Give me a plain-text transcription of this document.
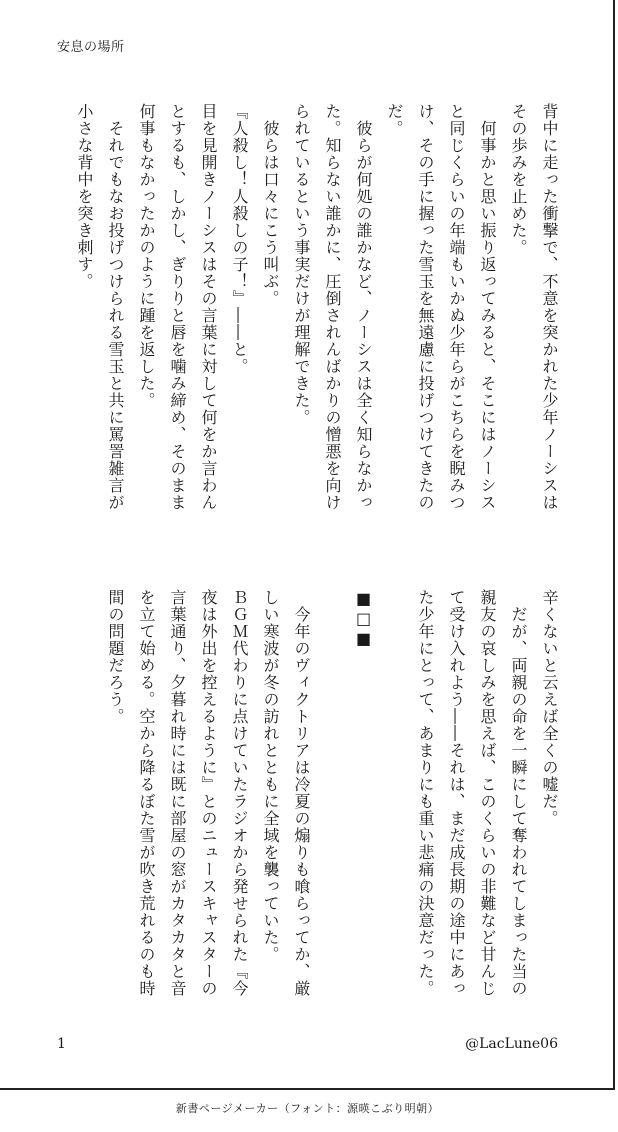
安息の場所

背中に走った衝撃で、不意を突かれた少年ノーシスはその歩みを止めた。

　何事かと思い振り返ってみると、そこにはノーシスと同じくらいの年端もいかぬ少年らがこちらを睨みつけ、その手に握った雪玉を無遠慮に投げつけてきたのだ。

　彼らが何処の誰かなど、ノーシスは全く知らなかった。知らない誰かに、圧倒されんばかりの憎悪を向けられているという事実だけが理解できた。

　彼らは口々にこう叫ぶ。

『人殺し！人殺しの子！』――と。

目を見開きノーシスはその言葉に対して何をか言わんとするも、しかし、ぎりりと唇を噛み締め、そのまま何事もなかったかのように踵を返した。

　それでもなお投げつけられる雪玉と共に罵詈雑言が小さな背中を突き刺す。

辛くないと云えば全くの嘘だ。

　だが、両親の命を一瞬にして奪われてしまった当の親友の哀しみを思えば、このくらいの非難など甘んじて受け入れよう――それは、まだ成長期の途中にあった少年にとって、あまりにも重い悲痛の決意だった。

■□■

　今年のヴィクトリアは冷夏の煽りも喰らってか、厳しい寒波が冬の訪れとともに全域を襲っていた。

ＢＧＭ代わりに点けていたラジオから発せられた『今夜は外出を控えるように』とのニュースキャスターの言葉通り、夕暮れ時には既に部屋の窓がカタカタと音を立て始める。空から降るぼた雪が吹き荒れるのも時間の問題だろう。

1	@LacLune06
新書ページメーカー（フォント：源暎こぶり明朝）
